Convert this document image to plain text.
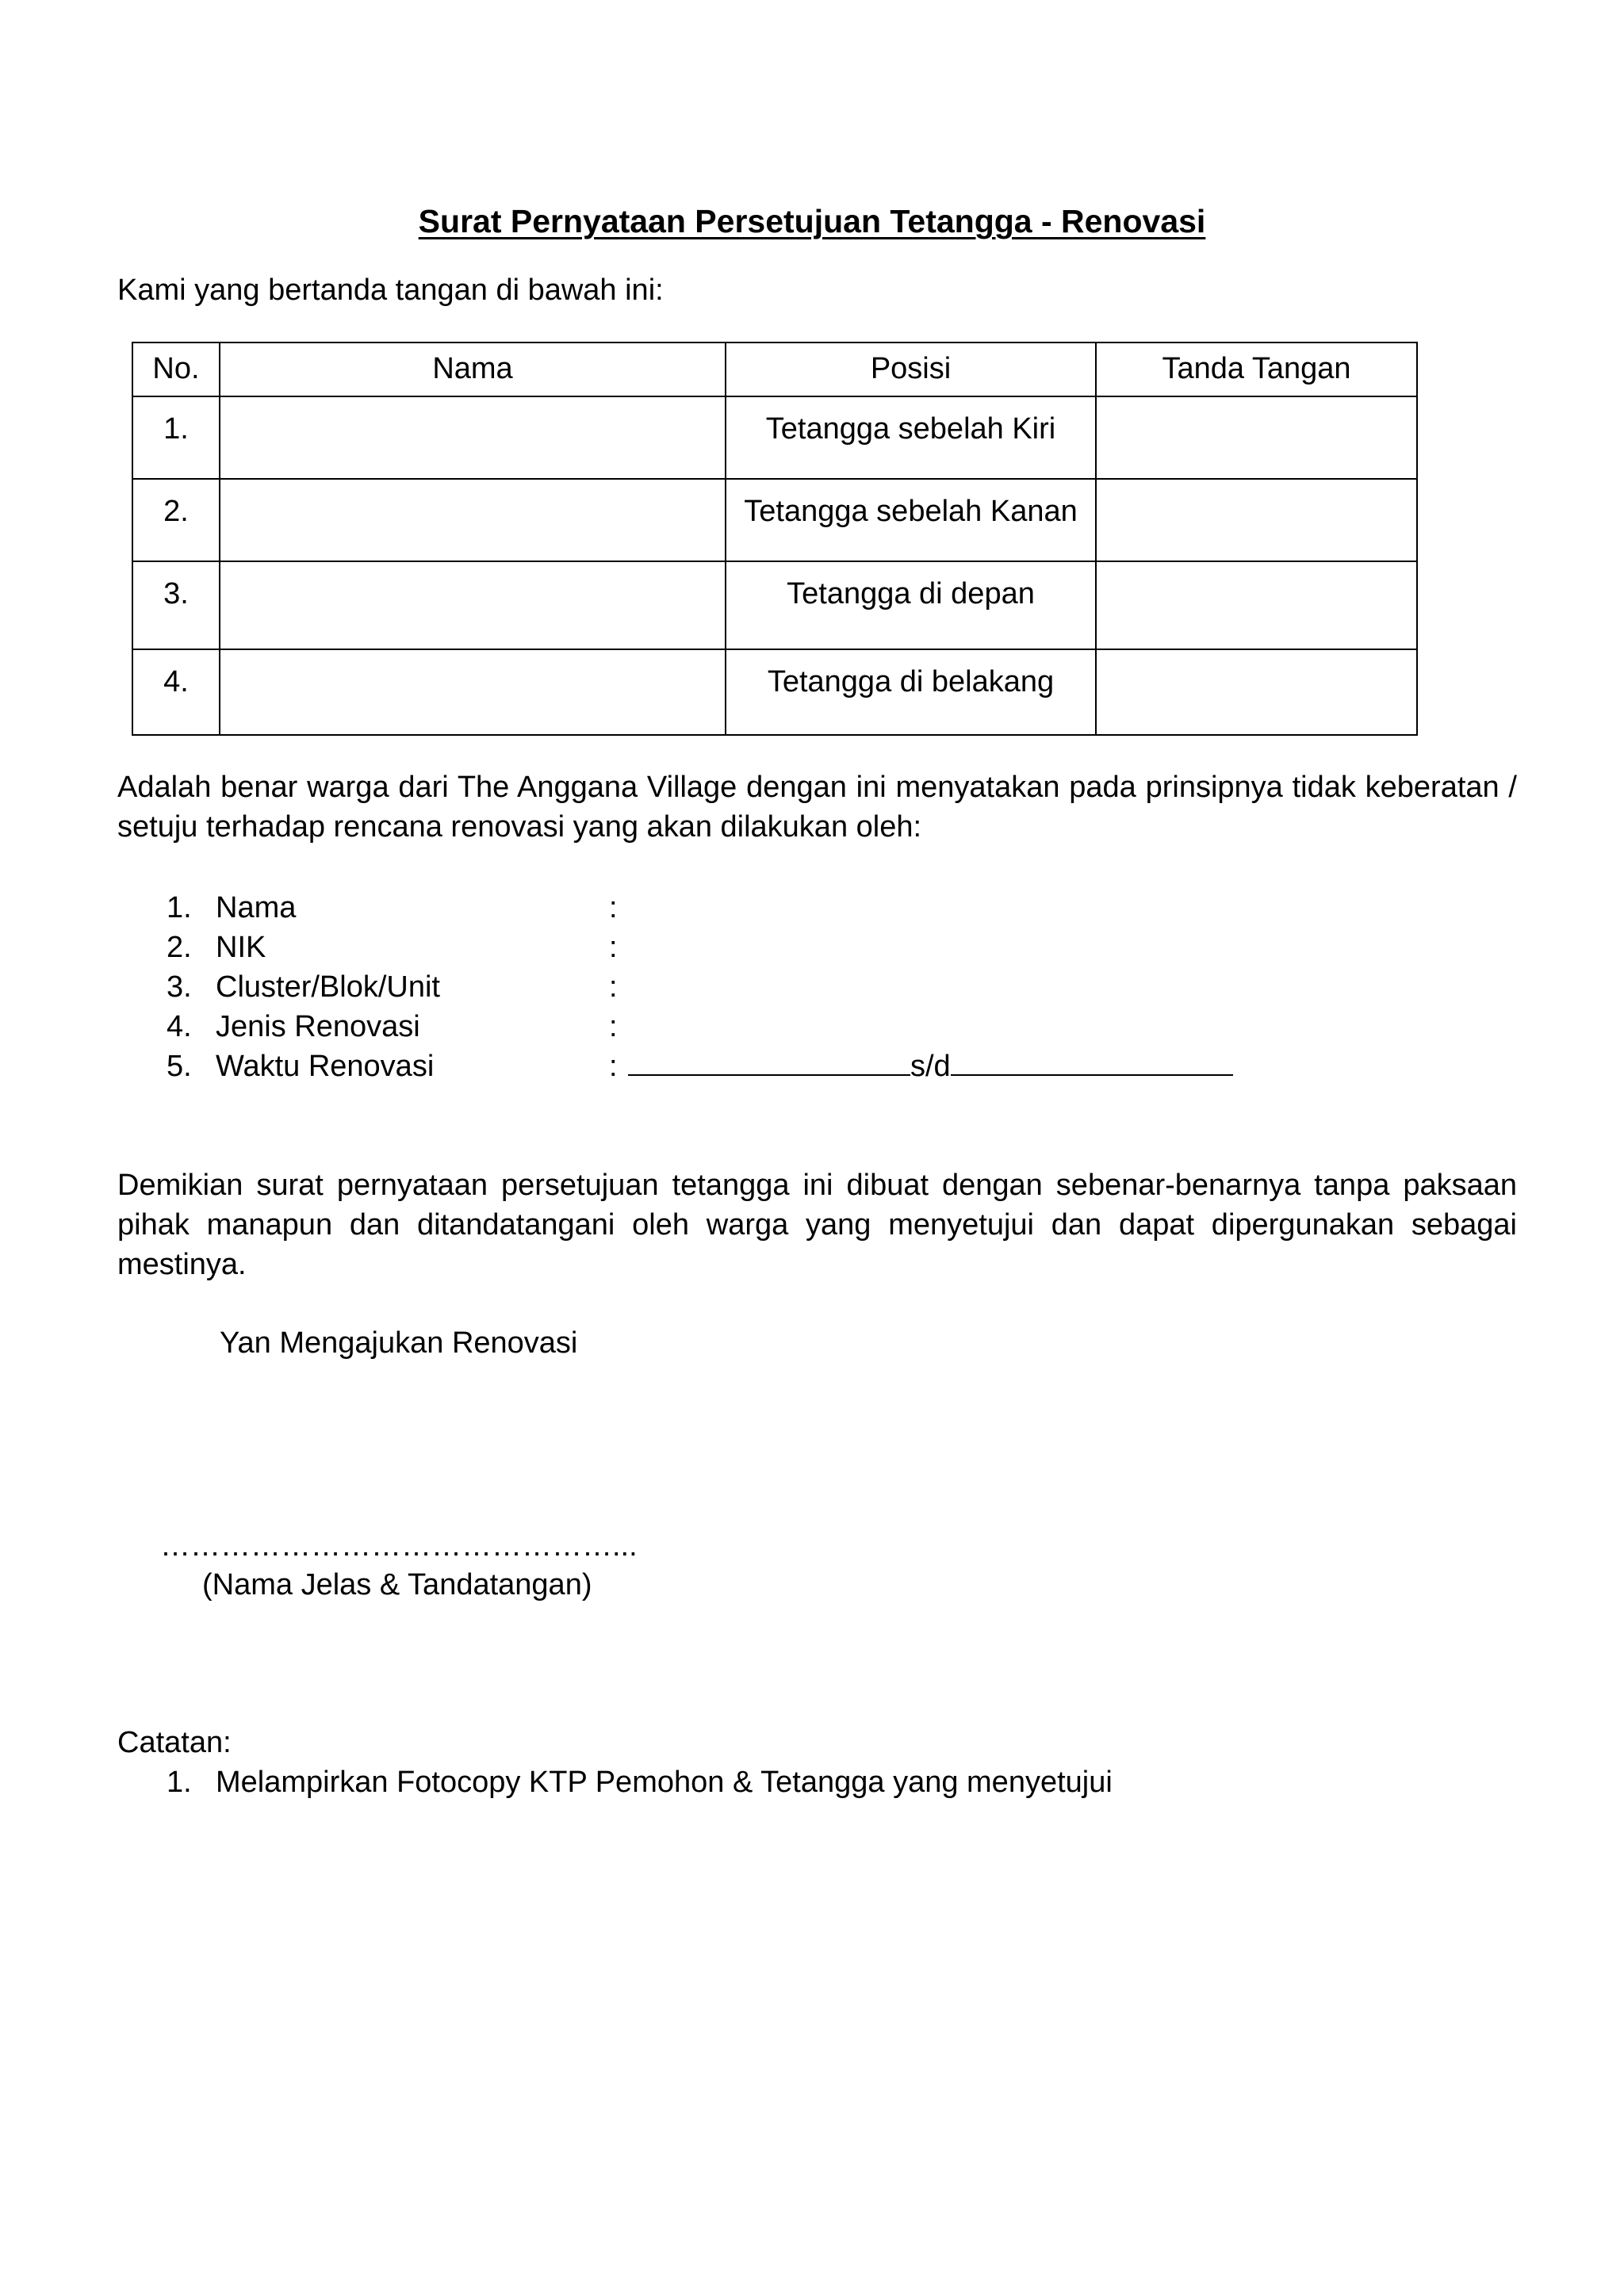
Surat Pernyataan Persetujuan Tetangga - Renovasi
Kami yang bertanda tangan di bawah ini:
No.	Nama	Posisi	Tanda Tangan
1.		Tetangga sebelah Kiri	
2.		Tetangga sebelah Kanan	
3.		Tetangga di depan	
4.		Tetangga di belakang	
Adalah benar warga dari The Anggana Village dengan ini menyatakan pada prinsipnya tidak keberatan / setuju terhadap rencana renovasi yang akan dilakukan oleh:
1. Nama	:
2. NIK	:
3. Cluster/Blok/Unit	:
4. Jenis Renovasi	:
5. Waktu Renovasi	:	s/d
Demikian surat pernyataan persetujuan tetangga ini dibuat dengan sebenar-benarnya tanpa paksaan pihak manapun dan ditandatangani oleh warga yang menyetujui dan dapat dipergunakan sebagai mestinya.
Yan Mengajukan Renovasi
………………………………………...
(Nama Jelas & Tandatangan)
Catatan:
1. Melampirkan Fotocopy KTP Pemohon & Tetangga yang menyetujui
